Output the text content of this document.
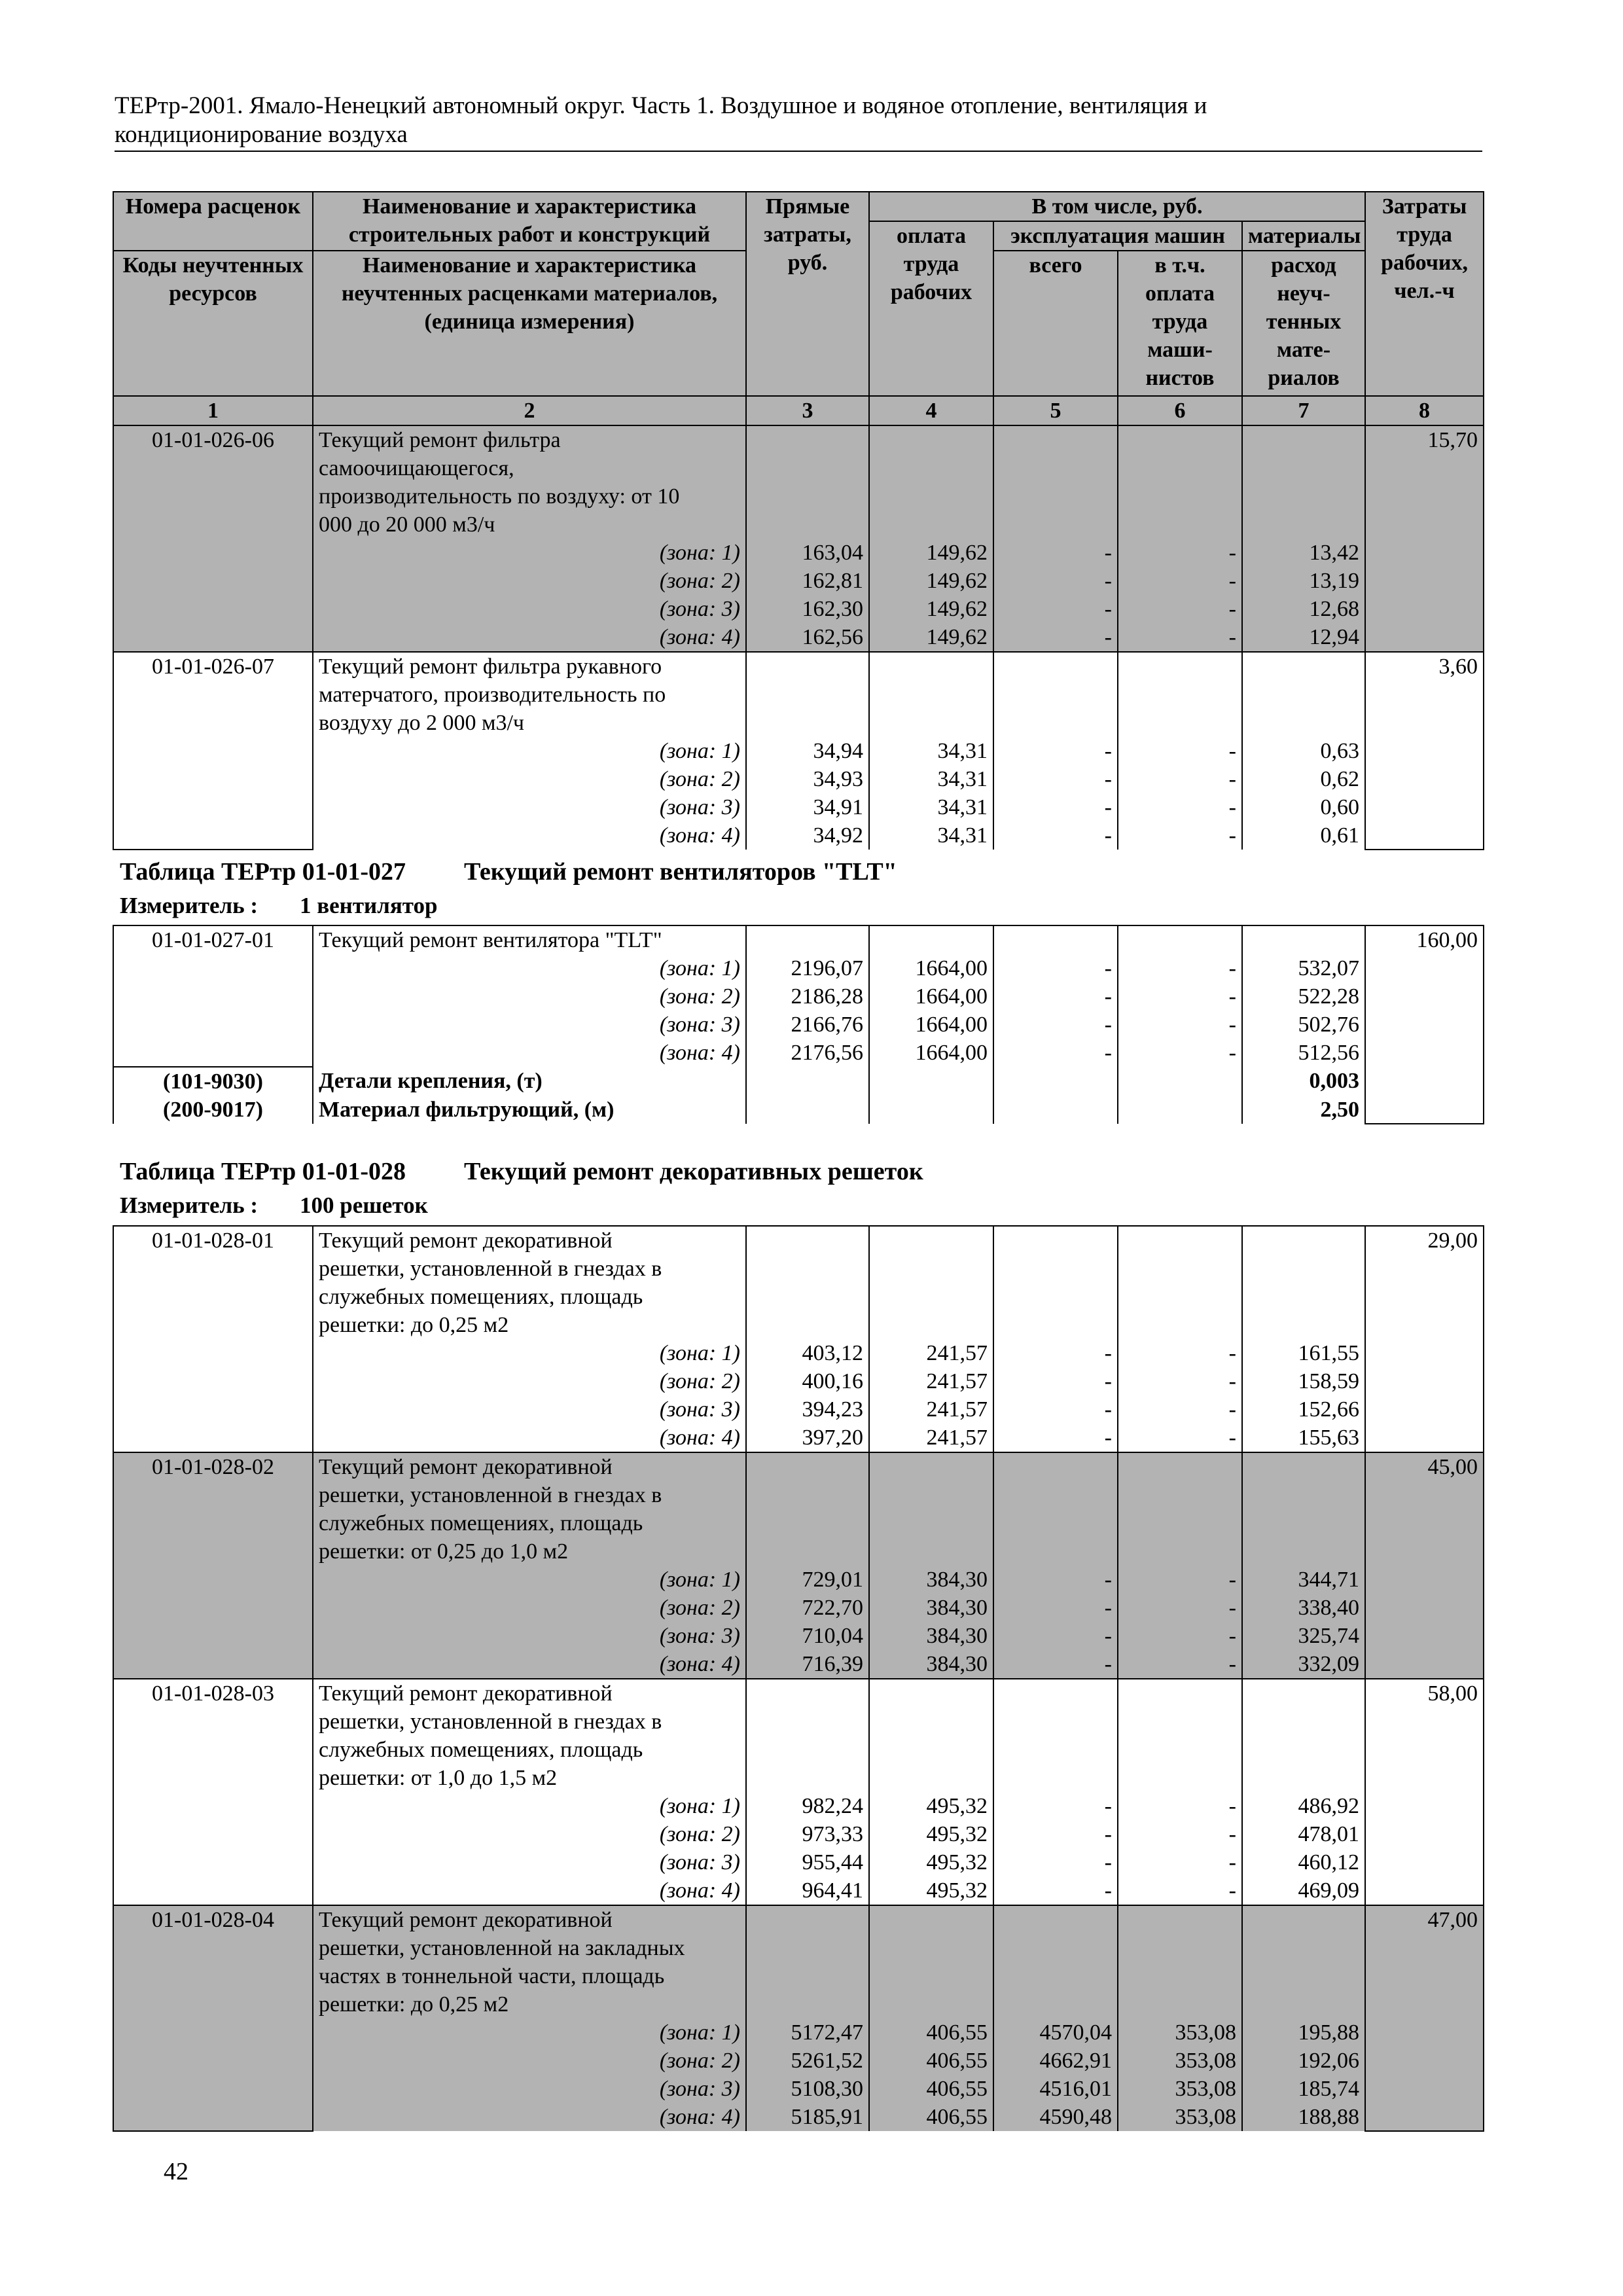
ТЕРтр-2001. Ямало-Ненецкий автономный округ. Часть 1. Воздушное и водяное отопление, вентиляция и
кондиционирование воздуха
Номера расценок	Наименование и характеристика строительных работ и конструкций	Прямые затраты, руб.	В том числе, руб.				Затраты труда рабочих, чел.-ч
			оплата труда рабочих	эксплуатация машин		материалы	
Коды неучтенных ресурсов	Наименование и характеристика неучтенных расценками материалов, (единица измерения)			всего	в т.ч. оплата труда маши-нистов	расход неуч-тенных мате-риалов	

1	2	3	4	5	6	7	8
01-01-026-06	Текущий ремонт фильтра
самоочищающегося,
производительность по воздуху: от 10
000 до 20 000 м3/ч						15,70

	(зона: 1)	163,04	149,62	-	-	13,42	
	(зона: 2)	162,81	149,62	-	-	13,19	
	(зона: 3)	162,30	149,62	-	-	12,68	
	(зона: 4)	162,56	149,62	-	-	12,94	
01-01-026-07	Текущий ремонт фильтра рукавного
матерчатого, производительность по
воздуху до 2 000 м3/ч						3,60

	(зона: 1)	34,94	34,31	-	-	0,63	
	(зона: 2)	34,93	34,31	-	-	0,62	
	(зона: 3)	34,91	34,31	-	-	0,60	
	(зона: 4)	34,92	34,31	-	-	0,61	
Таблица ТЕРтр 01-01-027 Текущий ремонт вентиляторов "TLT"
Измеритель : 1 вентилятор
01-01-027-01	Текущий ремонт вентилятора "TLT"						160,00
	(зона: 1)	2196,07	1664,00	-	-	532,07	
	(зона: 2)	2186,28	1664,00	-	-	522,28	
	(зона: 3)	2166,76	1664,00	-	-	502,76	
	(зона: 4)	2176,56	1664,00	-	-	512,56	
(101-9030)	Детали крепления, (т)					0,003	
(200-9017)	Материал фильтрующий, (м)					2,50	
Таблица ТЕРтр 01-01-028 Текущий ремонт декоративных решеток
Измеритель : 100 решеток
01-01-028-01	Текущий ремонт декоративной
решетки, установленной в гнездах в
служебных помещениях, площадь
решетки: до 0,25 м2						29,00

	(зона: 1)	403,12	241,57	-	-	161,55	
	(зона: 2)	400,16	241,57	-	-	158,59	
	(зона: 3)	394,23	241,57	-	-	152,66	
	(зона: 4)	397,20	241,57	-	-	155,63	
01-01-028-02	Текущий ремонт декоративной
решетки, установленной в гнездах в
служебных помещениях, площадь
решетки: от 0,25 до 1,0 м2						45,00

	(зона: 1)	729,01	384,30	-	-	344,71	
	(зона: 2)	722,70	384,30	-	-	338,40	
	(зона: 3)	710,04	384,30	-	-	325,74	
	(зона: 4)	716,39	384,30	-	-	332,09	
01-01-028-03	Текущий ремонт декоративной
решетки, установленной в гнездах в
служебных помещениях, площадь
решетки: от 1,0 до 1,5 м2						58,00

	(зона: 1)	982,24	495,32	-	-	486,92	
	(зона: 2)	973,33	495,32	-	-	478,01	
	(зона: 3)	955,44	495,32	-	-	460,12	
	(зона: 4)	964,41	495,32	-	-	469,09	
01-01-028-04	Текущий ремонт декоративной
решетки, установленной на закладных
частях в тоннельной части, площадь
решетки: до 0,25 м2						47,00

	(зона: 1)	5172,47	406,55	4570,04	353,08	195,88	
	(зона: 2)	5261,52	406,55	4662,91	353,08	192,06	
	(зона: 3)	5108,30	406,55	4516,01	353,08	185,74	
	(зона: 4)	5185,91	406,55	4590,48	353,08	188,88	
42
